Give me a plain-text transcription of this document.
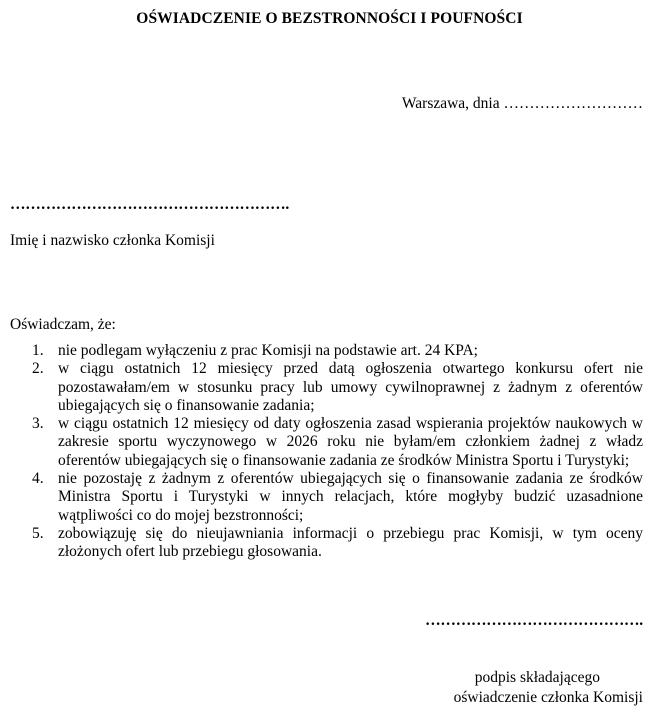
OŚWIADCZENIE O BEZSTRONNOŚCI I POUFNOŚCI
Warszawa, dnia ………………………
……………………………………………….
Imię i nazwisko członka Komisji
Oświadczam, że:
1. nie podlegam wyłączeniu z prac Komisji na podstawie art. 24 KPA;
2. w ciągu ostatnich 12 miesięcy przed datą ogłoszenia otwartego konkursu ofert nie pozostawałam/em w stosunku pracy lub umowy cywilnoprawnej z żadnym z oferentów ubiegających się o finansowanie zadania;
3. w ciągu ostatnich 12 miesięcy od daty ogłoszenia zasad wspierania projektów naukowych w zakresie sportu wyczynowego w 2026 roku nie byłam/em członkiem żadnej z władz oferentów ubiegających się o finansowanie zadania ze środków Ministra Sportu i Turystyki;
4. nie pozostaję z żadnym z oferentów ubiegających się o finansowanie zadania ze środków Ministra Sportu i Turystyki w innych relacjach, które mogłyby budzić uzasadnione wątpliwości co do mojej bezstronności;
5. zobowiązuję się do nieujawniania informacji o przebiegu prac Komisji, w tym oceny złożonych ofert lub przebiegu głosowania.
…………………………………….
podpis składającego
oświadczenie członka Komisji
